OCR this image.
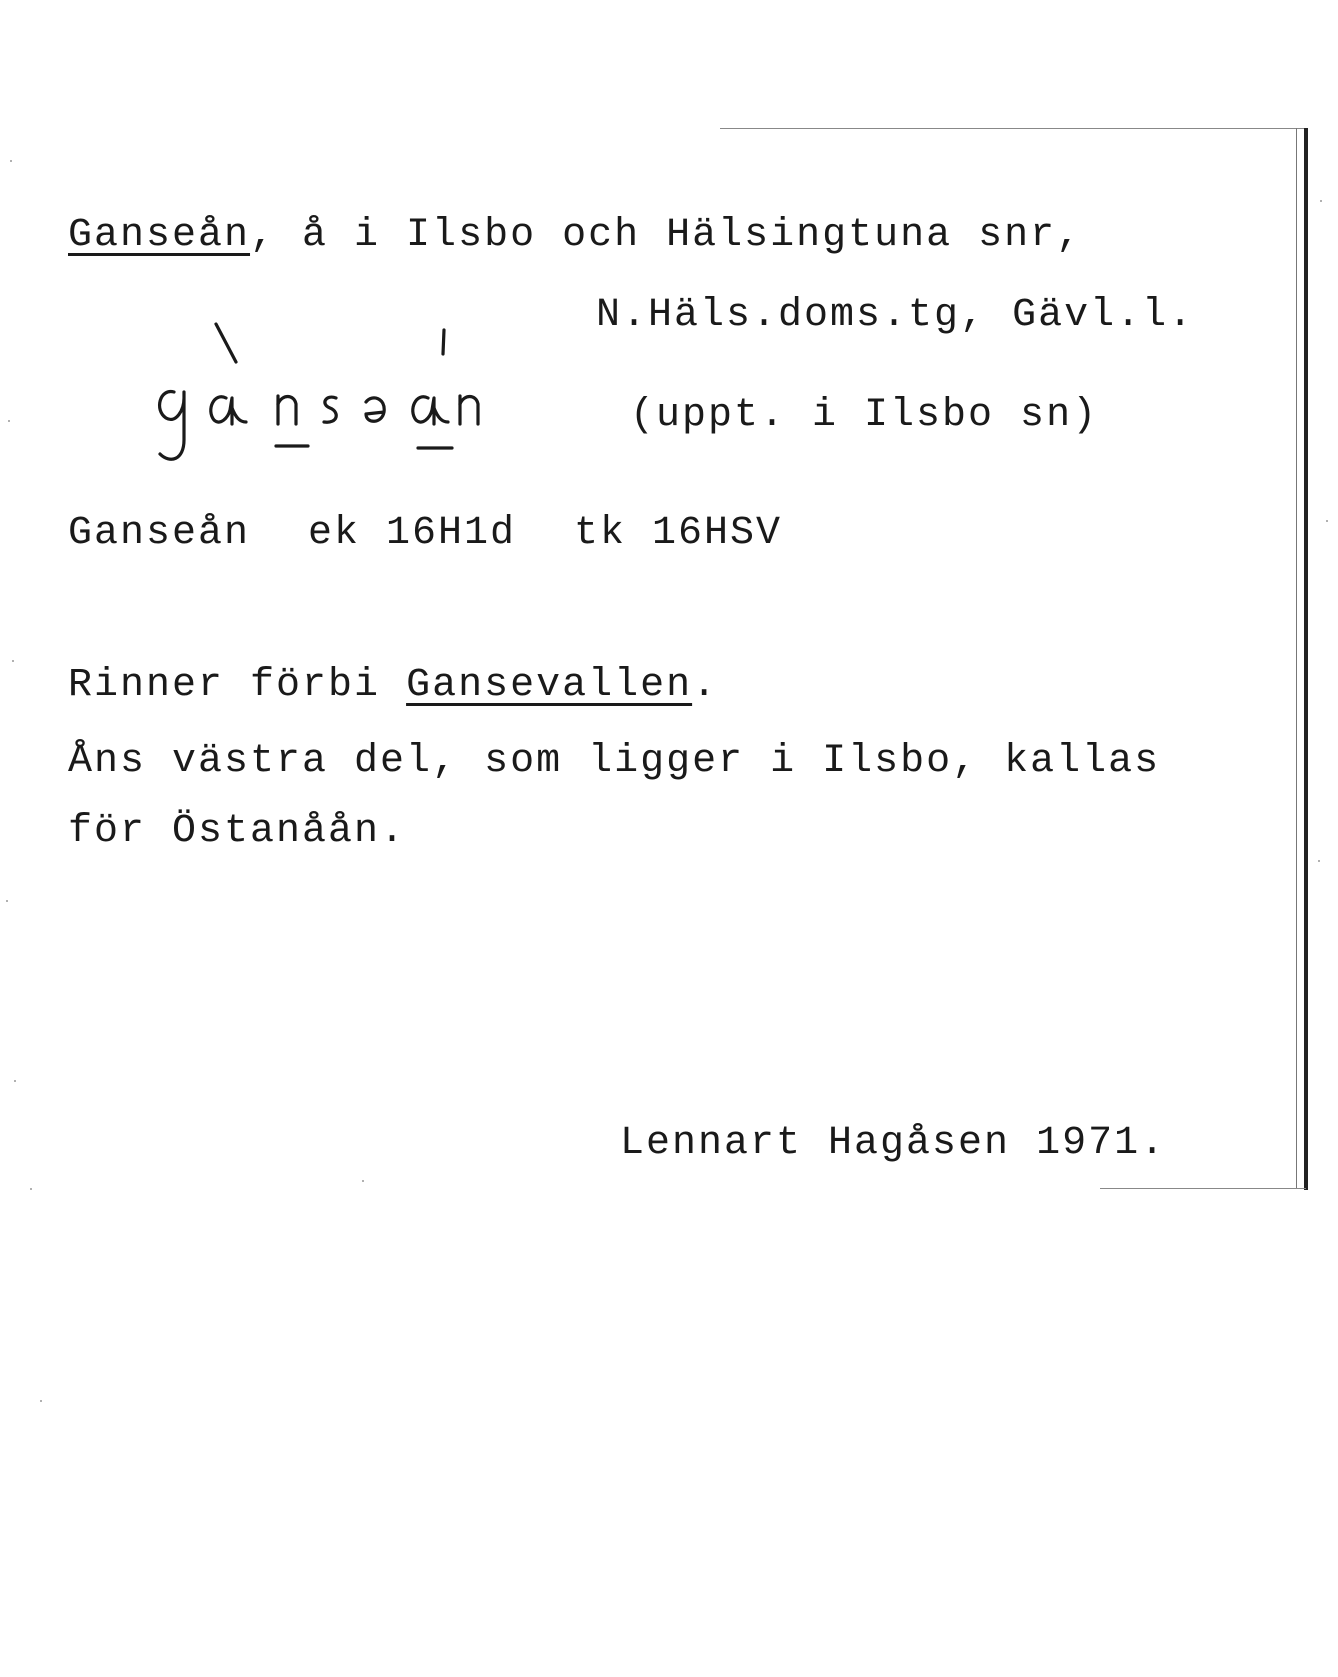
Ganseån, å i Ilsbo och Hälsingtuna snr,
N.Häls.doms.tg, Gävl.l.
(uppt. i Ilsbo sn)
Ganseån ek 16H1d tk 16HSV
Rinner förbi Gansevallen.
Åns västra del, som ligger i Ilsbo, kallas
för Östanåån.
Lennart Hagåsen 1971.
